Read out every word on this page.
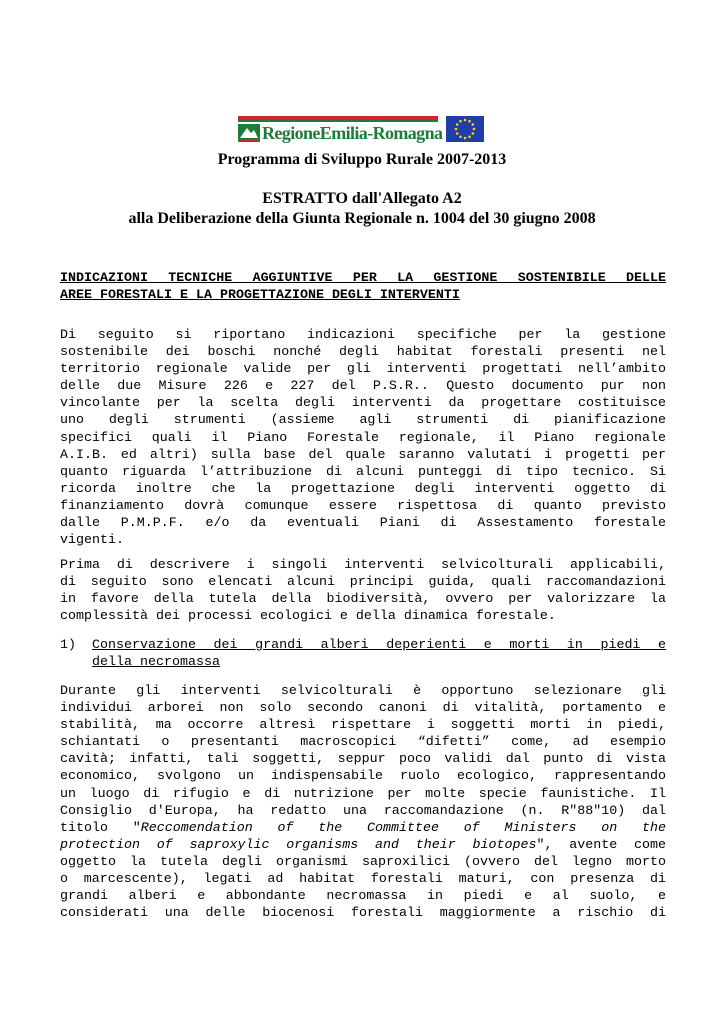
RegioneEmilia-Romagna
Programma di Sviluppo Rurale 2007-2013
ESTRATTO dall'Allegato A2
alla Deliberazione della Giunta Regionale n. 1004 del 30 giugno 2008
INDICAZIONI TECNICHE AGGIUNTIVE PER LA GESTIONE SOSTENIBILE DELLE
AREE FORESTALI E LA PROGETTAZIONE DEGLI INTERVENTI
Di seguito si riportano indicazioni specifiche per la gestione
sostenibile dei boschi nonché degli habitat forestali presenti nel
territorio regionale valide per gli interventi progettati nell’ambito
delle due Misure 226 e 227 del P.S.R.. Questo documento pur non
vincolante per la scelta degli interventi da progettare costituisce
uno degli strumenti (assieme agli strumenti di pianificazione
specifici quali il Piano Forestale regionale, il Piano regionale
A.I.B. ed altri) sulla base del quale saranno valutati i progetti per
quanto riguarda l’attribuzione di alcuni punteggi di tipo tecnico. Si
ricorda inoltre che la progettazione degli interventi oggetto di
finanziamento dovrà comunque essere rispettosa di quanto previsto
dalle P.M.P.F. e/o da eventuali Piani di Assestamento forestale
vigenti.
Prima di descrivere i singoli interventi selvicolturali applicabili,
di seguito sono elencati alcuni principi guida, quali raccomandazioni
in favore della tutela della biodiversità, ovvero per valorizzare la
complessità dei processi ecologici e della dinamica forestale.
1) Conservazione dei grandi alberi deperienti e morti in piedi e
della necromassa
Durante gli interventi selvicolturali è opportuno selezionare gli
individui arborei non solo secondo canoni di vitalità, portamento e
stabilità, ma occorre altresì rispettare i soggetti morti in piedi,
schiantati o presentanti macroscopici “difetti” come, ad esempio
cavità; infatti, tali soggetti, seppur poco validi dal punto di vista
economico, svolgono un indispensabile ruolo ecologico, rappresentando
un luogo di rifugio e di nutrizione per molte specie faunistiche. Il
Consiglio d'Europa, ha redatto una raccomandazione (n. R"88"10) dal
titolo "Reccomendation of the Committee of Ministers on the
protection of saproxylic organisms and their biotopes", avente come
oggetto la tutela degli organismi saproxilici (ovvero del legno morto
o marcescente), legati ad habitat forestali maturi, con presenza di
grandi alberi e abbondante necromassa in piedi e al suolo, e
considerati una delle biocenosi forestali maggiormente a rischio di
